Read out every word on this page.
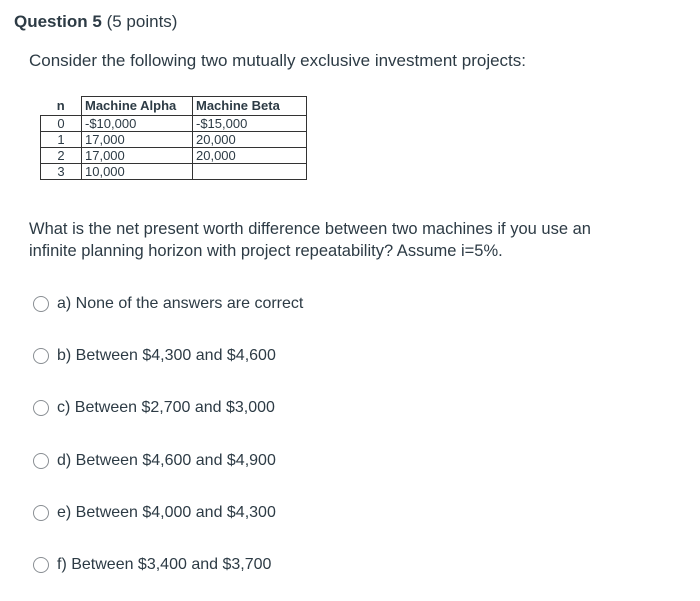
Question 5 (5 points)
Consider the following two mutually exclusive investment projects:
n	Machine Alpha	Machine Beta
0	-$10,000	-$15,000
1	17,000	20,000
2	17,000	20,000
3	10,000	
What is the net present worth difference between two machines if you use an infinite planning horizon with project repeatability? Assume i=5%.
a) None of the answers are correct
b) Between $4,300 and $4,600
c) Between $2,700 and $3,000
d) Between $4,600 and $4,900
e) Between $4,000 and $4,300
f) Between $3,400 and $3,700
